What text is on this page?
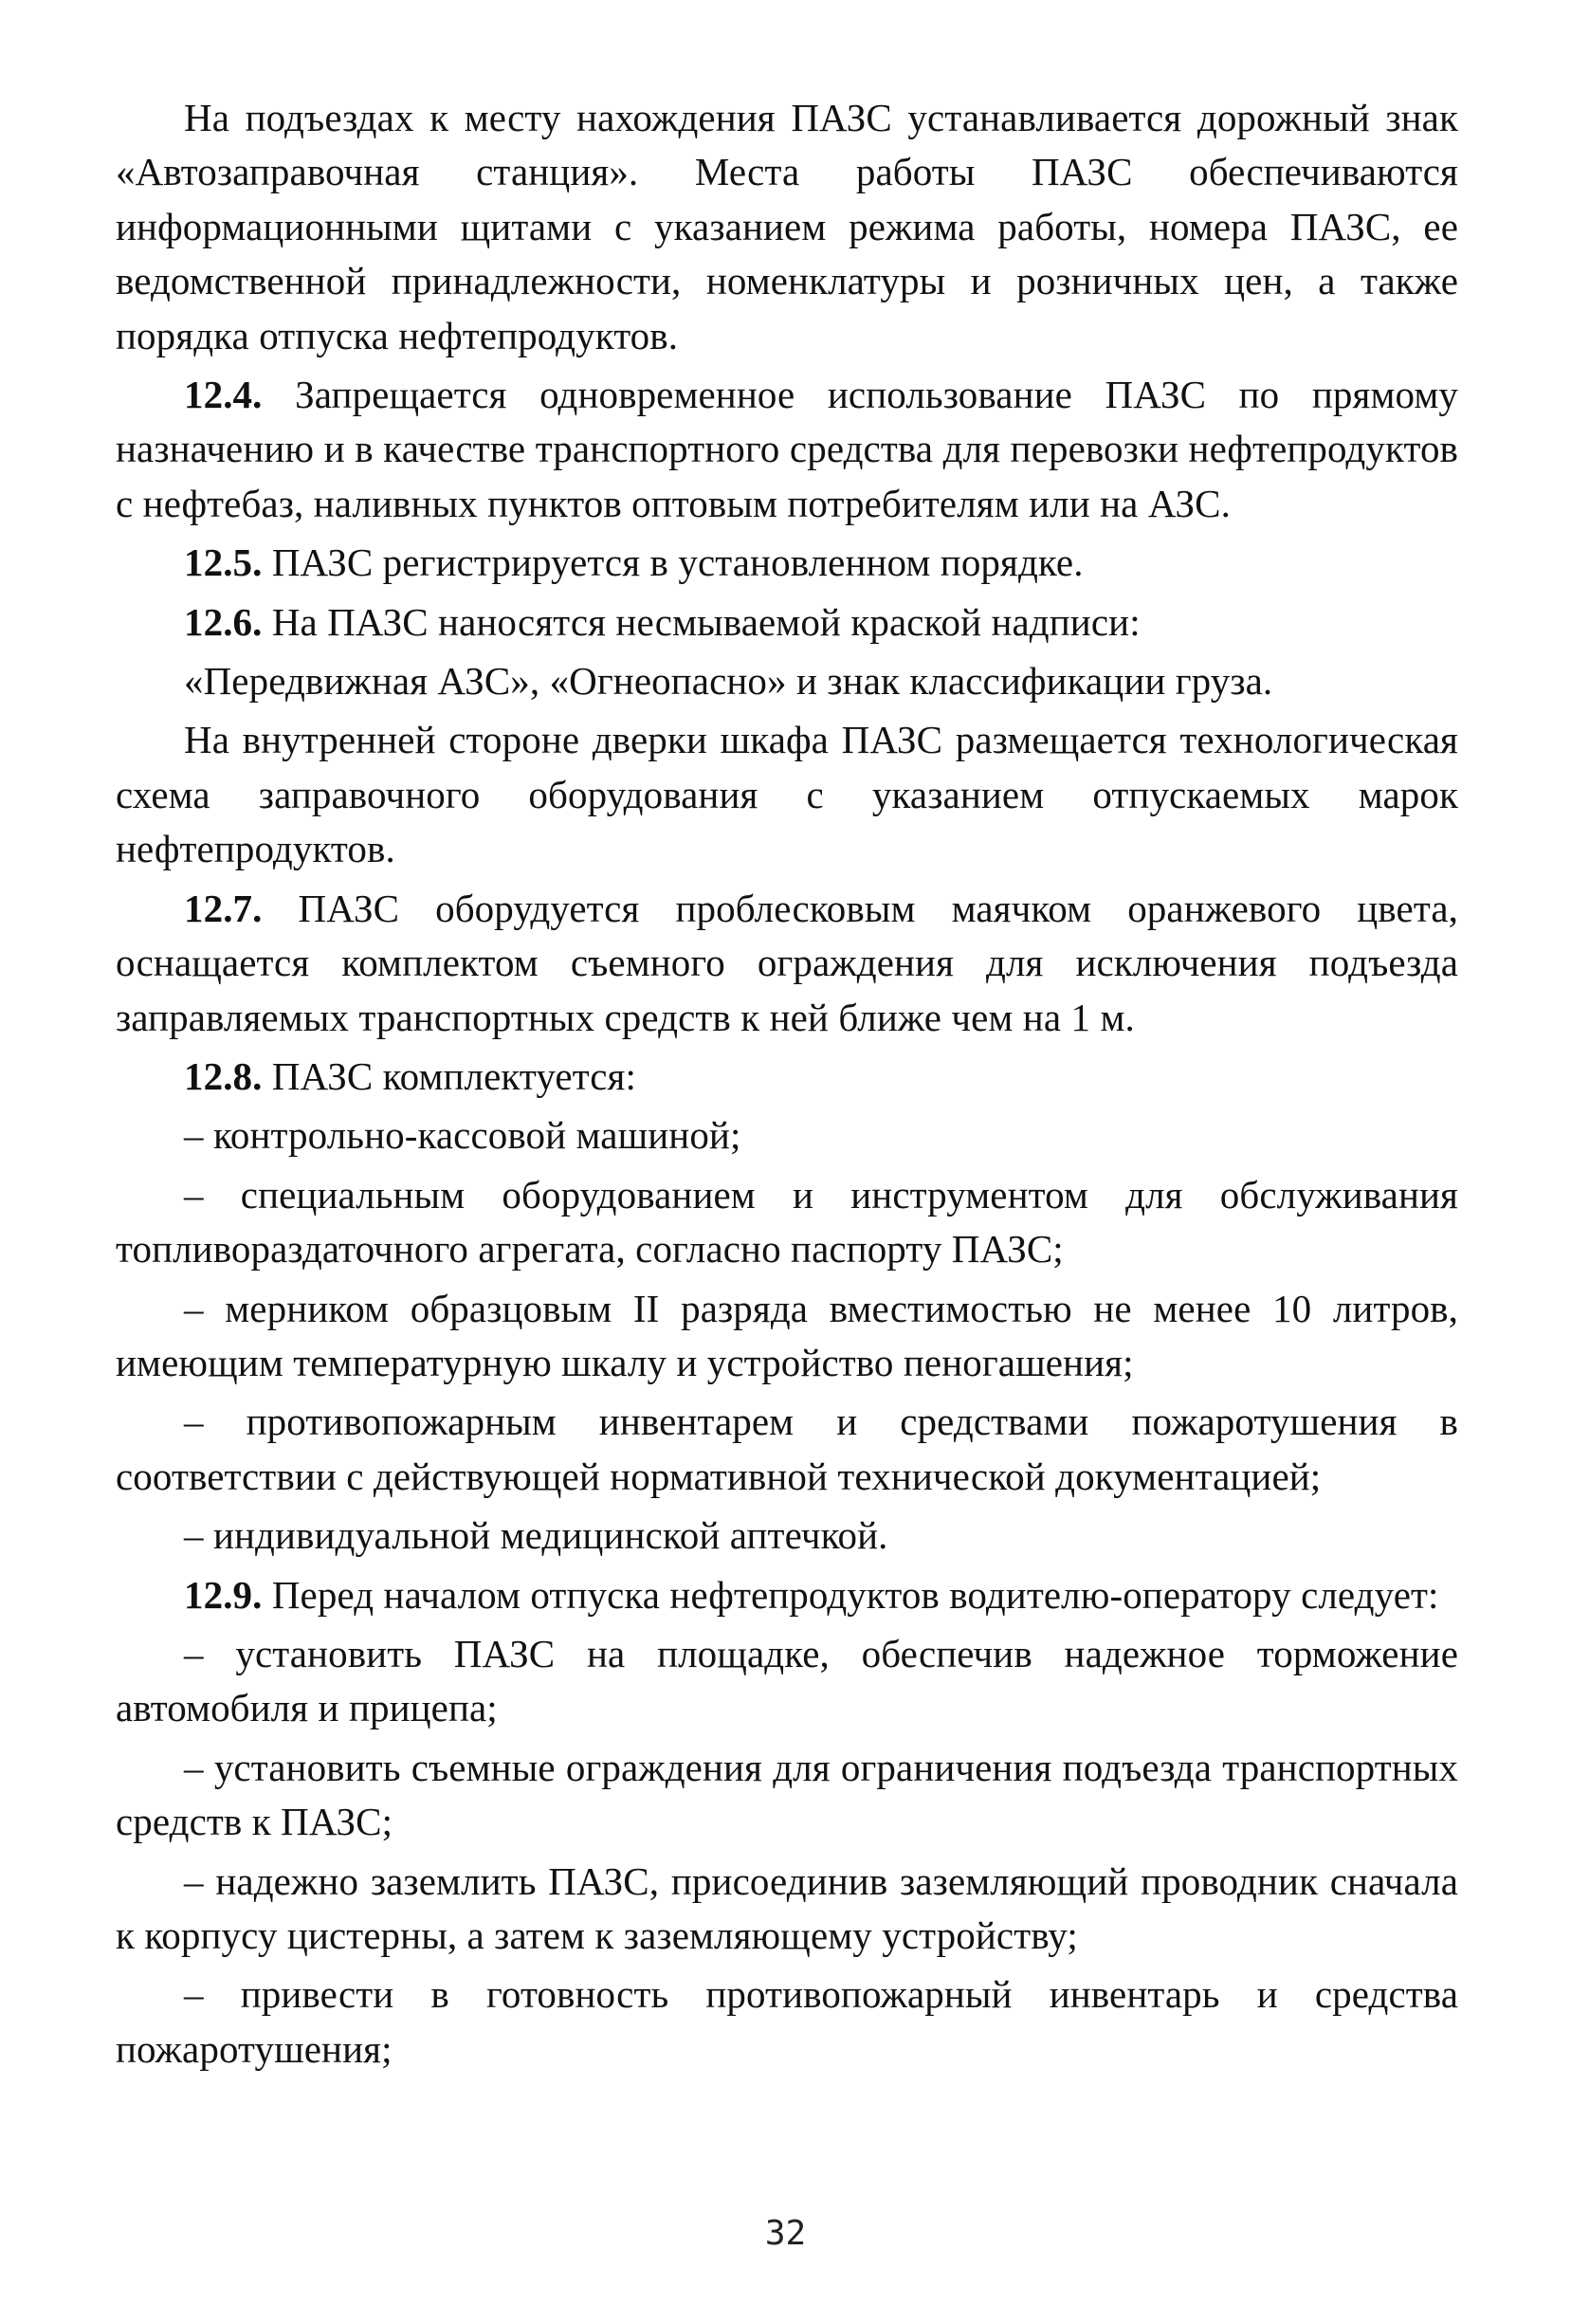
На подъездах к месту нахождения ПАЗС устанавливается дорожный знак «Автозаправочная станция». Места работы ПАЗС обеспечиваются информационными щитами с указанием режима работы, номера ПАЗС, ее ведомственной принадлежности, номенклатуры и розничных цен, а также порядка отпуска нефтепродуктов.

12.4. Запрещается одновременное использование ПАЗС по прямому назначению и в качестве транспортного средства для перевозки нефтепродуктов с нефтебаз, наливных пунктов оптовым потребителям или на АЗС.

12.5. ПАЗС регистрируется в установленном порядке.

12.6. На ПАЗС наносятся несмываемой краской надписи:

«Передвижная АЗС», «Огнеопасно» и знак классификации груза.

На внутренней стороне дверки шкафа ПАЗС размещается технологическая схема заправочного оборудования с указанием отпускаемых марок нефтепродуктов.

12.7. ПАЗС оборудуется проблесковым маячком оранжевого цвета, оснащается комплектом съемного ограждения для исключения подъезда заправляемых транспортных средств к ней ближе чем на 1 м.

12.8. ПАЗС комплектуется:

– контрольно-кассовой машиной;

– специальным оборудованием и инструментом для обслуживания топливораздаточного агрегата, согласно паспорту ПАЗС;

– мерником образцовым II разряда вместимостью не менее 10 литров, имеющим температурную шкалу и устройство пеногашения;

– противопожарным инвентарем и средствами пожаротушения в соответствии с действующей нормативной технической документацией;

– индивидуальной медицинской аптечкой.

12.9. Перед началом отпуска нефтепродуктов водителю-оператору следует:

– установить ПАЗС на площадке, обеспечив надежное торможение автомобиля и прицепа;

– установить съемные ограждения для ограничения подъезда транспортных средств к ПАЗС;

– надежно заземлить ПАЗС, присоединив заземляющий проводник сначала к корпусу цистерны, а затем к заземляющему устройству;

– привести в готовность противопожарный инвентарь и средства пожаротушения;

32
